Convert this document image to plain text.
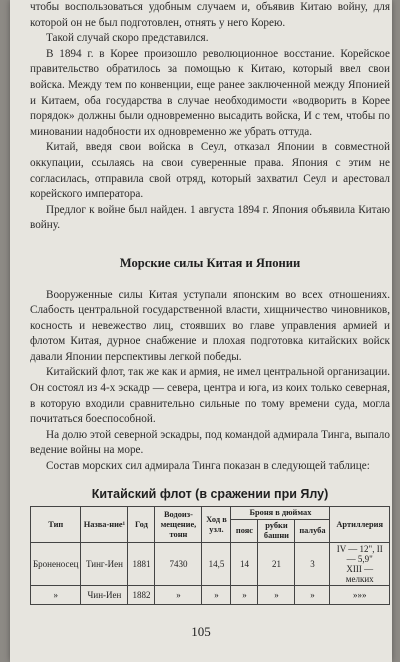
чтобы воспользоваться удобным случаем и, объявив Китаю войну, для которой он не был подготовлен, отнять у него Корею.

Такой случай скоро представился.

В 1894 г. в Корее произошло революционное восстание. Корейское правительство обратилось за помощью к Китаю, который ввел свои войска. Между тем по конвенции, еще ранее заключенной между Японией и Китаем, оба государства в случае необходимости «водворить в Корее порядок» должны были одновременно высадить войска, И с тем, чтобы по миновании надобности их одновременно же убрать оттуда.

Китай, введя свои войска в Сеул, отказал Японии в совместной оккупации, ссылаясь на свои суверенные права. Япония с этим не согласилась, отправила свой отряд, который захватил Сеул и арестовал корейского императора.

Предлог к войне был найден. 1 августа 1894 г. Япония объявила Китаю войну.

Морские силы Китая и Японии

Вооруженные силы Китая уступали японским во всех отношениях. Слабость центральной государственной власти, хищничество чиновников, косность и невежество лиц, стоявших во главе управления армией и флотом Китая, дурное снабжение и плохая подготовка китайских войск давали Японии перспективы легкой победы.

Китайский флот, так же как и армия, не имел центральной организации. Он состоял из 4-х эскадр — севера, центра и юга, из коих только северная, в которую входили сравнительно сильные по тому времени суда, могла почитаться боеспособной.

На долю этой северной эскадры, под командой адмирала Тинга, выпало ведение войны на море.

Состав морских сил адмирала Тинга показан в следующей таблице:

Китайский флот (в сражении при Ялу)
Тип	Назва-ние¹	Год	Водоиз-мещение, тонн	Ход в узл.	Броня в дюймах			Артиллерия
					пояс	рубки башни	палуба	
Броненосец	Тинг-Иен	1881	7430	14,5	14	21	3	IV — 12", II — 5,9"
XIII — мелких

»	Чин-Иен	1882	»	»	»	»	»	»»»
105
